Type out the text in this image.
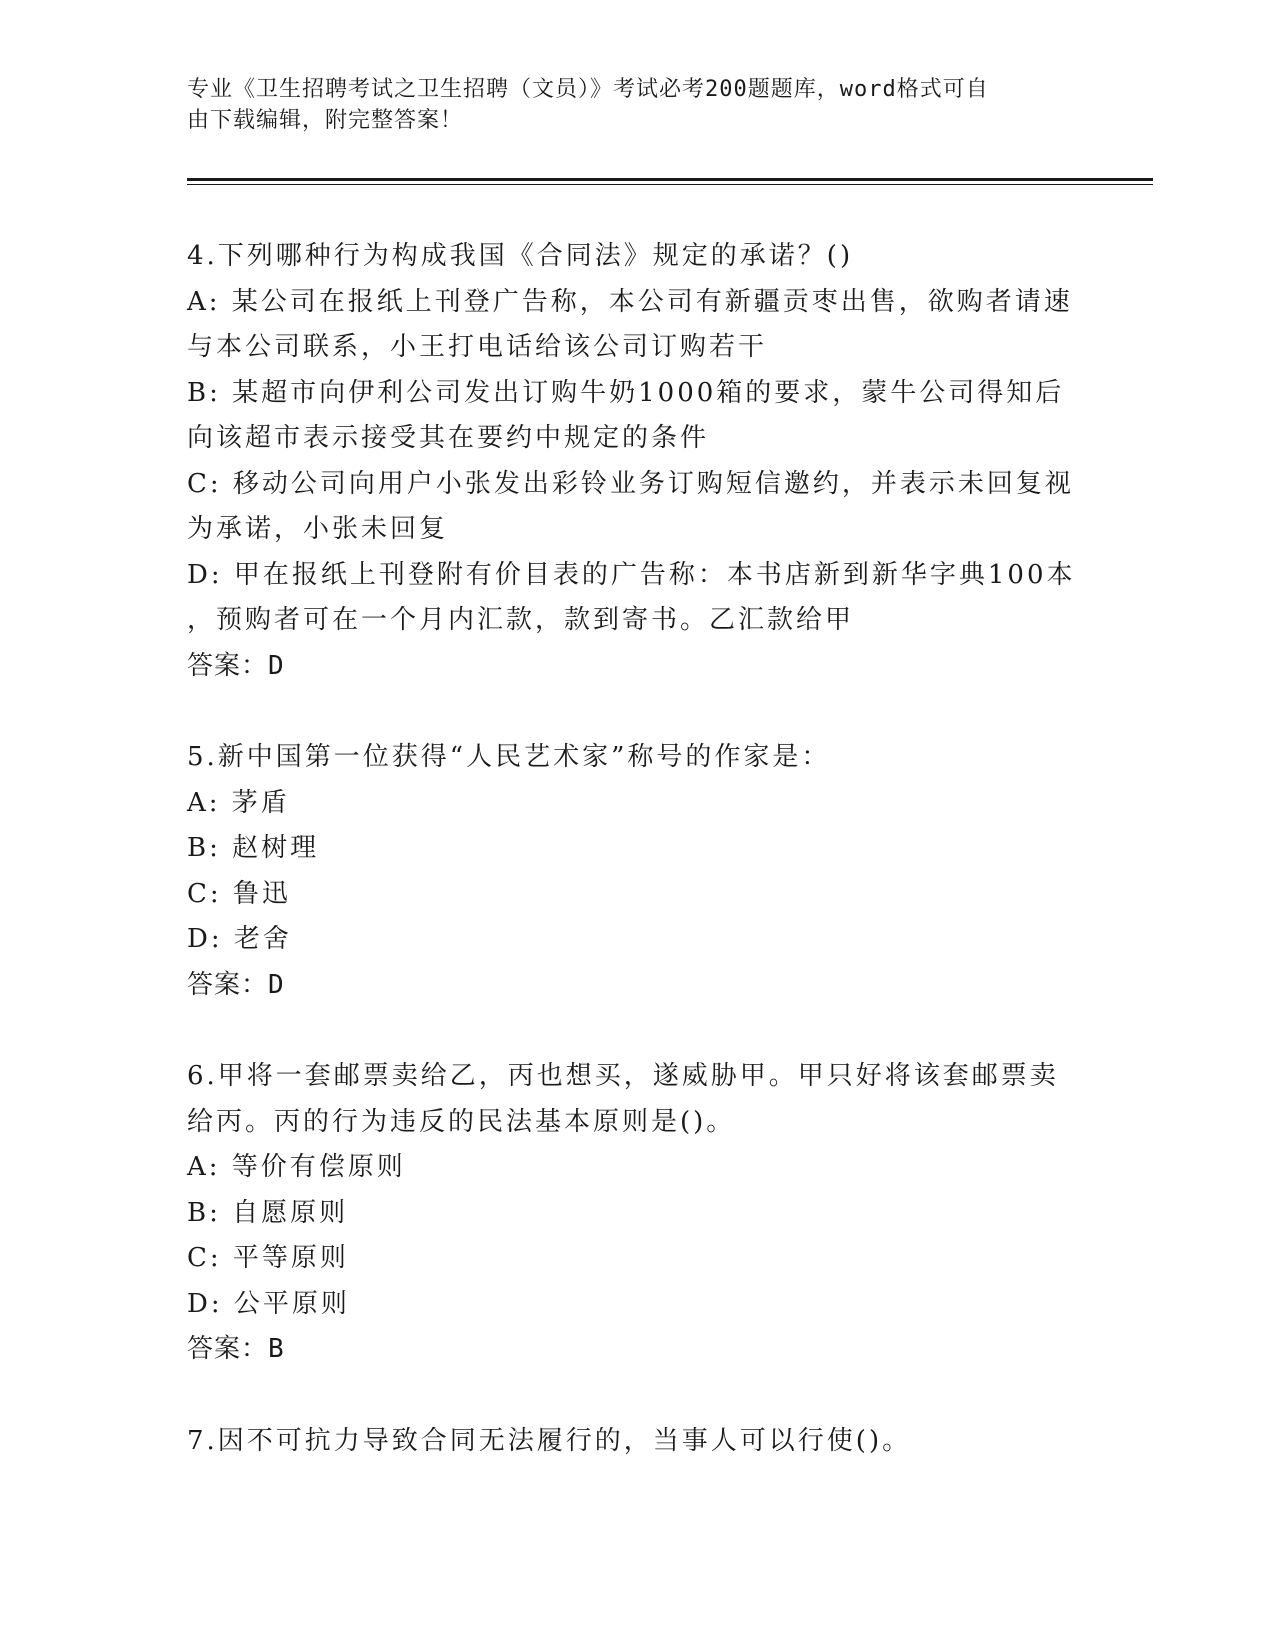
专业《卫生招聘考试之卫生招聘（文员）》考试必考200题题库，word格式可自
由下载编辑，附完整答案！

4.下列哪种行为构成我国《合同法》规定的承诺？()

A: 某公司在报纸上刊登广告称，本公司有新疆贡枣出售，欲购者请速

与本公司联系，小王打电话给该公司订购若干

B: 某超市向伊利公司发出订购牛奶1000箱的要求，蒙牛公司得知后

向该超市表示接受其在要约中规定的条件

C: 移动公司向用户小张发出彩铃业务订购短信邀约，并表示未回复视

为承诺，小张未回复

D: 甲在报纸上刊登附有价目表的广告称：本书店新到新华字典100本

，预购者可在一个月内汇款，款到寄书。乙汇款给甲

答案：D

5.新中国第一位获得“人民艺术家”称号的作家是：

A: 茅盾

B: 赵树理

C: 鲁迅

D: 老舍

答案：D

6.甲将一套邮票卖给乙，丙也想买，遂威胁甲。甲只好将该套邮票卖

给丙。丙的行为违反的民法基本原则是()。

A: 等价有偿原则

B: 自愿原则

C: 平等原则

D: 公平原则

答案：B

7.因不可抗力导致合同无法履行的，当事人可以行使()。
